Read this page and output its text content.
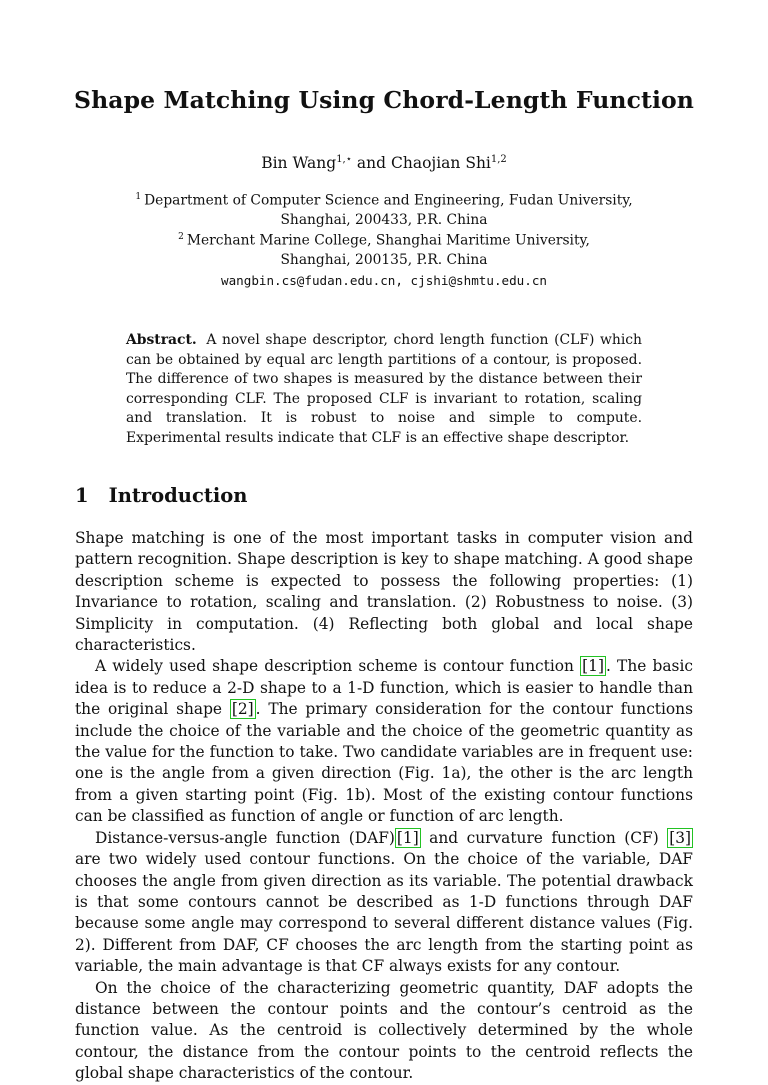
Shape Matching Using Chord-Length Function
Bin Wang$^{1,⋆}$ and Chaojian Shi$^{1,2}$
$^1$ Department of Computer Science and Engineering, Fudan University,
Shanghai, 200433, P.R. China
$^2$ Merchant Marine College, Shanghai Maritime University,
Shanghai, 200135, P.R. China
wangbin.cs@fudan.edu.cn, cjshi@shmtu.edu.cn
Abstract. A novel shape descriptor, chord length function (CLF) which can be obtained by equal arc length partitions of a contour, is proposed. The difference of two shapes is measured by the distance between their corresponding CLF. The proposed CLF is invariant to rotation, scaling and translation. It is robust to noise and simple to compute. Experimental results indicate that CLF is an effective shape descriptor.
1 Introduction

Shape matching is one of the most important tasks in computer vision and pattern recognition. Shape description is key to shape matching. A good shape description scheme is expected to possess the following properties: (1) Invariance to rotation, scaling and translation. (2) Robustness to noise. (3) Simplicity in computation. (4) Reflecting both global and local shape characteristics.

A widely used shape description scheme is contour function [1] . The basic idea is to reduce a 2-D shape to a 1-D function, which is easier to handle than the original shape [2] . The primary consideration for the contour functions include the choice of the variable and the choice of the geometric quantity as the value for the function to take. Two candidate variables are in frequent use: one is the angle from a given direction (Fig. 1a), the other is the arc length from a given starting point (Fig. 1b). Most of the existing contour functions can be classified as function of angle or function of arc length.

Distance-versus-angle function (DAF) [1] and curvature function (CF) [3] are two widely used contour functions. On the choice of the variable, DAF chooses the angle from given direction as its variable. The potential drawback is that some contours cannot be described as 1-D functions through DAF because some angle may correspond to several different distance values (Fig. 2). Different from DAF, CF chooses the arc length from the starting point as variable, the main advantage is that CF always exists for any contour.

On the choice of the characterizing geometric quantity, DAF adopts the distance between the contour points and the contour’s centroid as the function value. As the centroid is collectively determined by the whole contour, the distance from the contour points to the centroid reflects the global shape characteristics of the contour.
